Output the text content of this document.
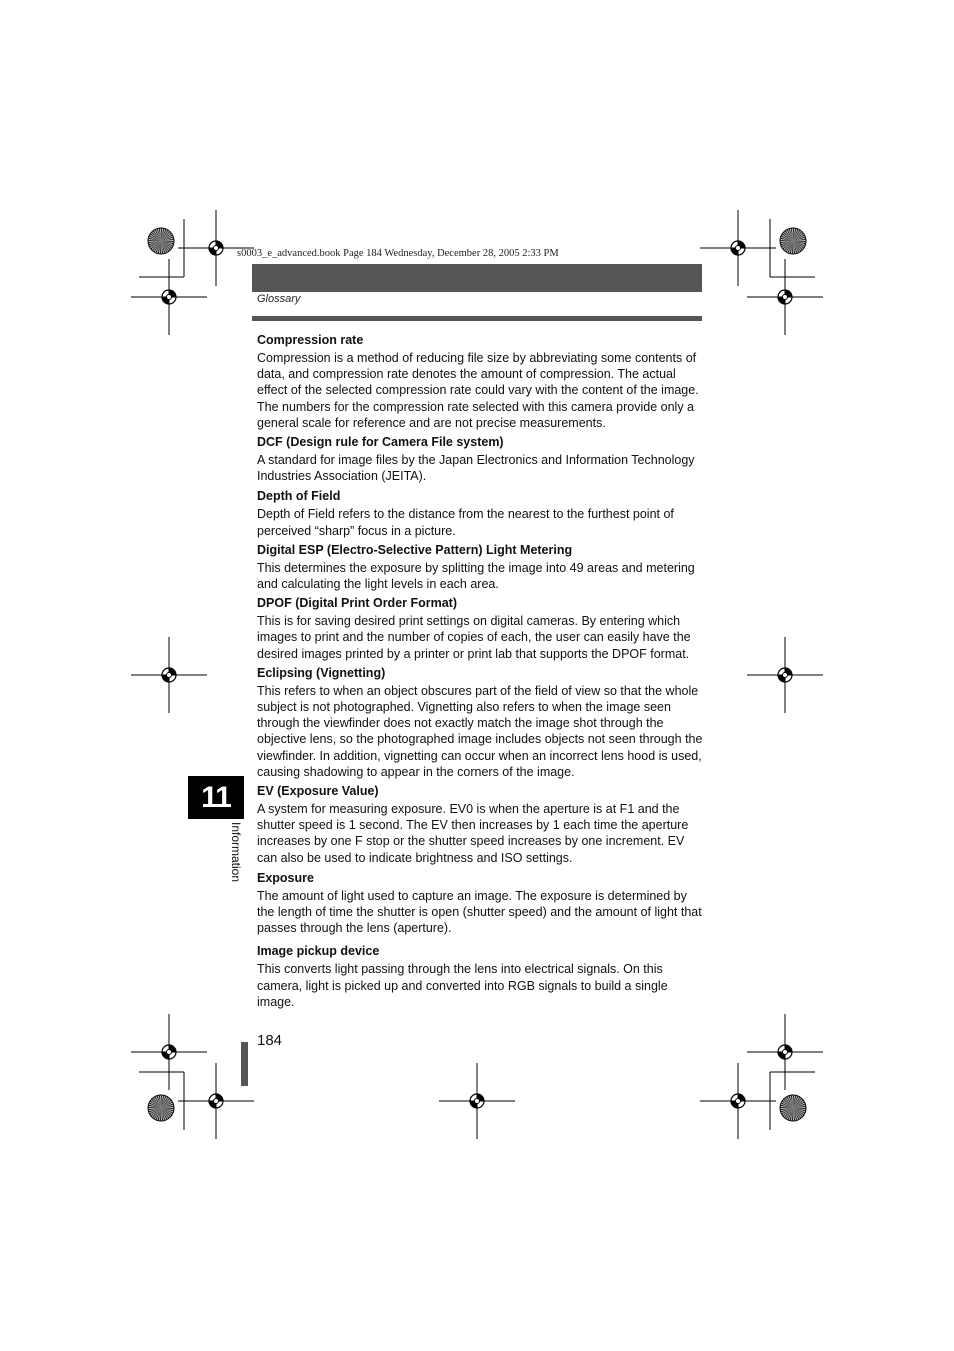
s0003_e_advanced.book Page 184 Wednesday, December 28, 2005 2:33 PM
Glossary
Compression rate

Compression is a method of reducing file size by abbreviating some contents of data, and compression rate denotes the amount of compression. The actual effect of the selected compression rate could vary with the content of the image. The numbers for the compression rate selected with this camera provide only a general scale for reference and are not precise measurements.

DCF (Design rule for Camera File system)

A standard for image files by the Japan Electronics and Information Technology Industries Association (JEITA).

Depth of Field

Depth of Field refers to the distance from the nearest to the furthest point of perceived “sharp” focus in a picture.

Digital ESP (Electro-Selective Pattern) Light Metering

This determines the exposure by splitting the image into 49 areas and metering and calculating the light levels in each area.

DPOF (Digital Print Order Format)

This is for saving desired print settings on digital cameras. By entering which images to print and the number of copies of each, the user can easily have the desired images printed by a printer or print lab that supports the DPOF format.

Eclipsing (Vignetting)

This refers to when an object obscures part of the field of view so that the whole subject is not photographed. Vignetting also refers to when the image seen through the viewfinder does not exactly match the image shot through the objective lens, so the photographed image includes objects not seen through the viewfinder. In addition, vignetting can occur when an incorrect lens hood is used, causing shadowing to appear in the corners of the image.

EV (Exposure Value)

A system for measuring exposure. EV0 is when the aperture is at F1 and the shutter speed is 1 second. The EV then increases by 1 each time the aperture increases by one F stop or the shutter speed increases by one increment. EV can also be used to indicate brightness and ISO settings.

Exposure

The amount of light used to capture an image. The exposure is determined by the length of time the shutter is open (shutter speed) and the amount of light that passes through the lens (aperture).

Image pickup device

This converts light passing through the lens into electrical signals. On this camera, light is picked up and converted into RGB signals to build a single image.

11
Information
184
